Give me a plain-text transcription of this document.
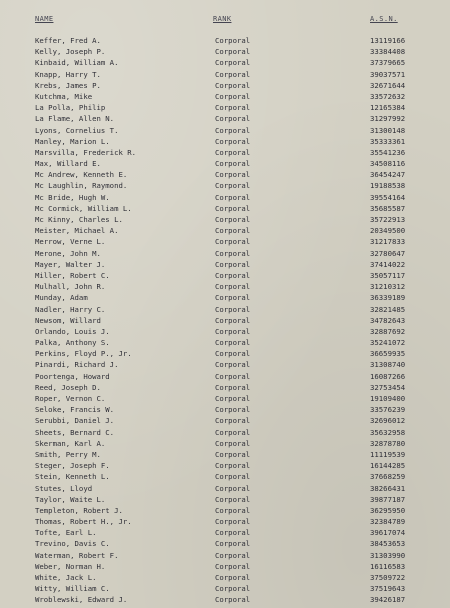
NAME	RANK	A.S.N.
Keffer, Fred A.	Corporal	13119166
Kelly, Joseph P.	Corporal	33384408
Kinbaid, William A.	Corporal	37379665
Knapp, Harry T.	Corporal	39037571
Krebs, James P.	Corporal	32671644
Kutchma, Mike	Corporal	33572632
La Polla, Philip	Corporal	12165384
La Flame, Allen N.	Corporal	31297992
Lyons, Cornelius T.	Corporal	31300148
Manley, Marion L.	Corporal	35333361
Marsvilla, Frederick R.	Corporal	35541236
Max, Willard E.	Corporal	34508116
Mc Andrew, Kenneth E.	Corporal	36454247
Mc Laughlin, Raymond.	Corporal	19188538
Mc Bride, Hugh W.	Corporal	39554164
Mc Cormick, William L.	Corporal	35685587
Mc Kinny, Charles L.	Corporal	35722913
Meister, Michael A.	Corporal	20349500
Merrow, Verne L.	Corporal	31217833
Merone, John M.	Corporal	32780647
Mayer, Walter J.	Corporal	37414022
Miller, Robert C.	Corporal	35057117
Mulhall, John R.	Corporal	31210312
Munday, Adam	Corporal	36339189
Nadler, Harry C.	Corporal	32821485
Newsom, Willard	Corporal	34782643
Orlando, Louis J.	Corporal	32887692
Palka, Anthony S.	Corporal	35241072
Perkins, Floyd P., Jr.	Corporal	36659935
Pinardi, Richard J.	Corporal	31308740
Poortenga, Howard	Corporal	16087266
Reed, Joseph D.	Corporal	32753454
Roper, Vernon C.	Corporal	19109400
Seloke, Francis W.	Corporal	33576239
Serubbi, Daniel J.	Corporal	32696012
Sheets, Bernard C.	Corporal	35632958
Skerman, Karl A.	Corporal	32878780
Smith, Perry M.	Corporal	11119539
Steger, Joseph F.	Corporal	16144285
Stein, Kenneth L.	Corporal	37668259
Stutes, Lloyd	Corporal	38266431
Taylor, Waite L.	Corporal	39877187
Templeton, Robert J.	Corporal	36295950
Thomas, Robert H., Jr.	Corporal	32384789
Tofte, Earl L.	Corporal	39617074
Trevino, Davis C.	Corporal	38453653
Waterman, Robert F.	Corporal	31303990
Weber, Norman H.	Corporal	16116583
White, Jack L.	Corporal	37509722
Witty, William C.	Corporal	37519643
Wroblewski, Edward J.	Corporal	39426187
